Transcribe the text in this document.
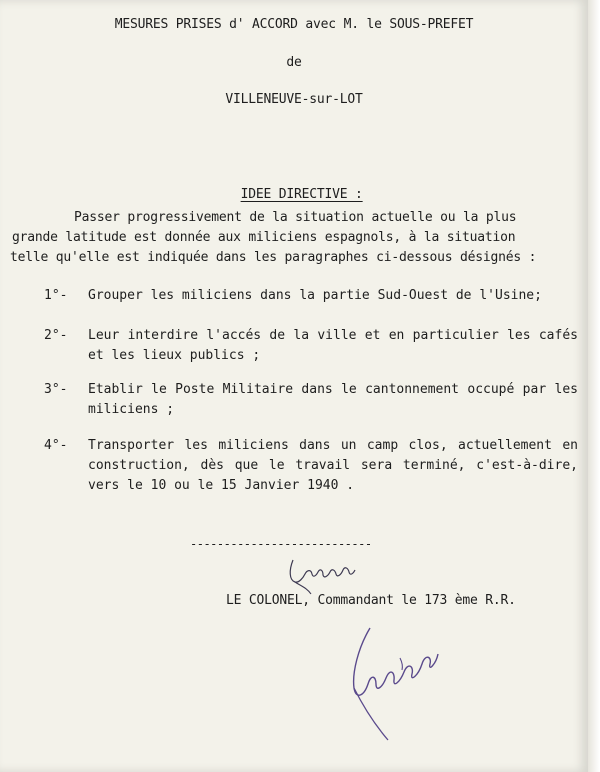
MESURES PRISES d' ACCORD avec M. le SOUS-PREFET
de
VILLENEUVE-sur-LOT

IDEE DIRECTIVE :

Passer progressivement de la situation actuelle ou la plus
grande latitude est donnée aux miliciens espagnols, à la situation
telle qu'elle est indiquée dans les paragraphes ci-dessous désignés :
1°- Grouper les miliciens dans la partie Sud-Ouest de l'Usine;
2°- Leur interdire l'accés de la ville et en particulier les cafés et les lieux publics ;
3°- Etablir le Poste Militaire dans le cantonnement occupé par les miliciens ;
4°- Transporter les miliciens dans un camp clos, actuellement en construction, dès que le travail sera terminé, c'est-à-dire, vers le 10 ou le 15 Janvier 1940 .
---------------------------
LE COLONEL, Commandant le 173 ème R.R.
